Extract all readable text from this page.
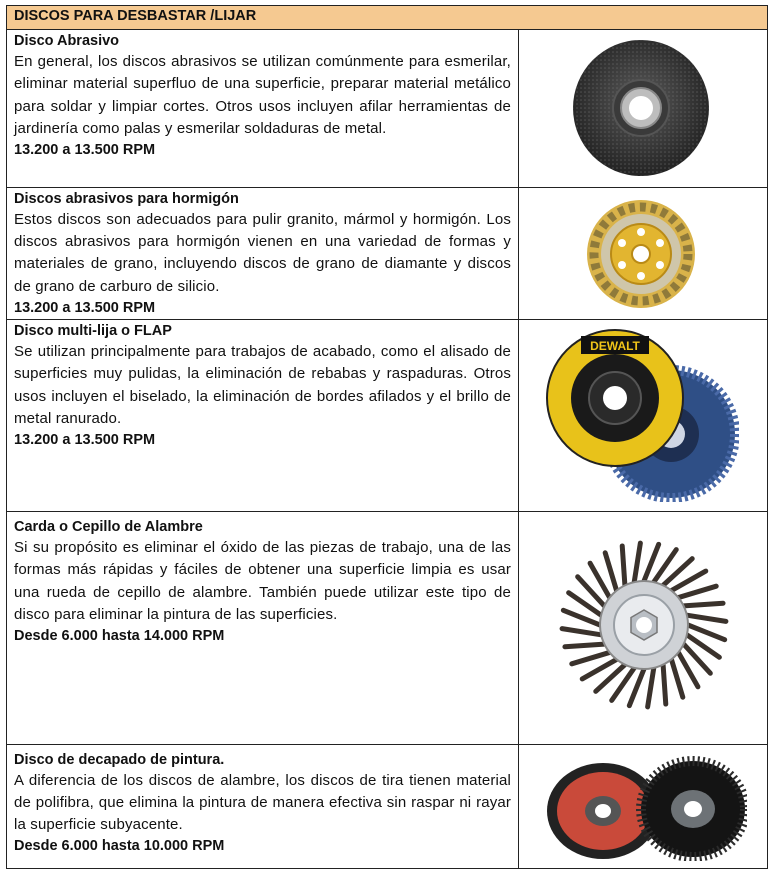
DISCOS PARA DESBASTAR /LIJAR	

Disco Abrasivo
En general, los discos abrasivos se utilizan comúnmente para esmerilar, eliminar material superfluo de una superficie, preparar material metálico para soldar y limpiar cortes. Otros usos incluyen afilar herramientas de jardinería como palas y esmerilar soldaduras de metal.
13.200 a 13.500 RPM

Discos abrasivos para hormigón
Estos discos son adecuados para pulir granito, mármol y hormigón. Los discos abrasivos para hormigón vienen en una variedad de formas y materiales de grano, incluyendo discos de grano de diamante y discos de grano de carburo de silicio.
13.200 a 13.500 RPM

Disco multi-lija o FLAP
Se utilizan principalmente para trabajos de acabado, como el alisado de superficies muy pulidas, la eliminación de rebabas y raspaduras. Otros usos incluyen el biselado, la eliminación de bordes afilados y el brillo de metal ranurado.
13.200 a 13.500 RPM	DEWALT

Carda o Cepillo de Alambre
Si su propósito es eliminar el óxido de las piezas de trabajo, una de las formas más rápidas y fáciles de obtener una superficie limpia es usar una rueda de cepillo de alambre. También puede utilizar este tipo de disco para eliminar la pintura de las superficies.
Desde 6.000 hasta 14.000 RPM

Disco de decapado de pintura.
A diferencia de los discos de alambre, los discos de tira tienen material de polifibra, que elimina la pintura de manera efectiva sin raspar ni rayar la superficie subyacente.
Desde 6.000 hasta 10.000 RPM
